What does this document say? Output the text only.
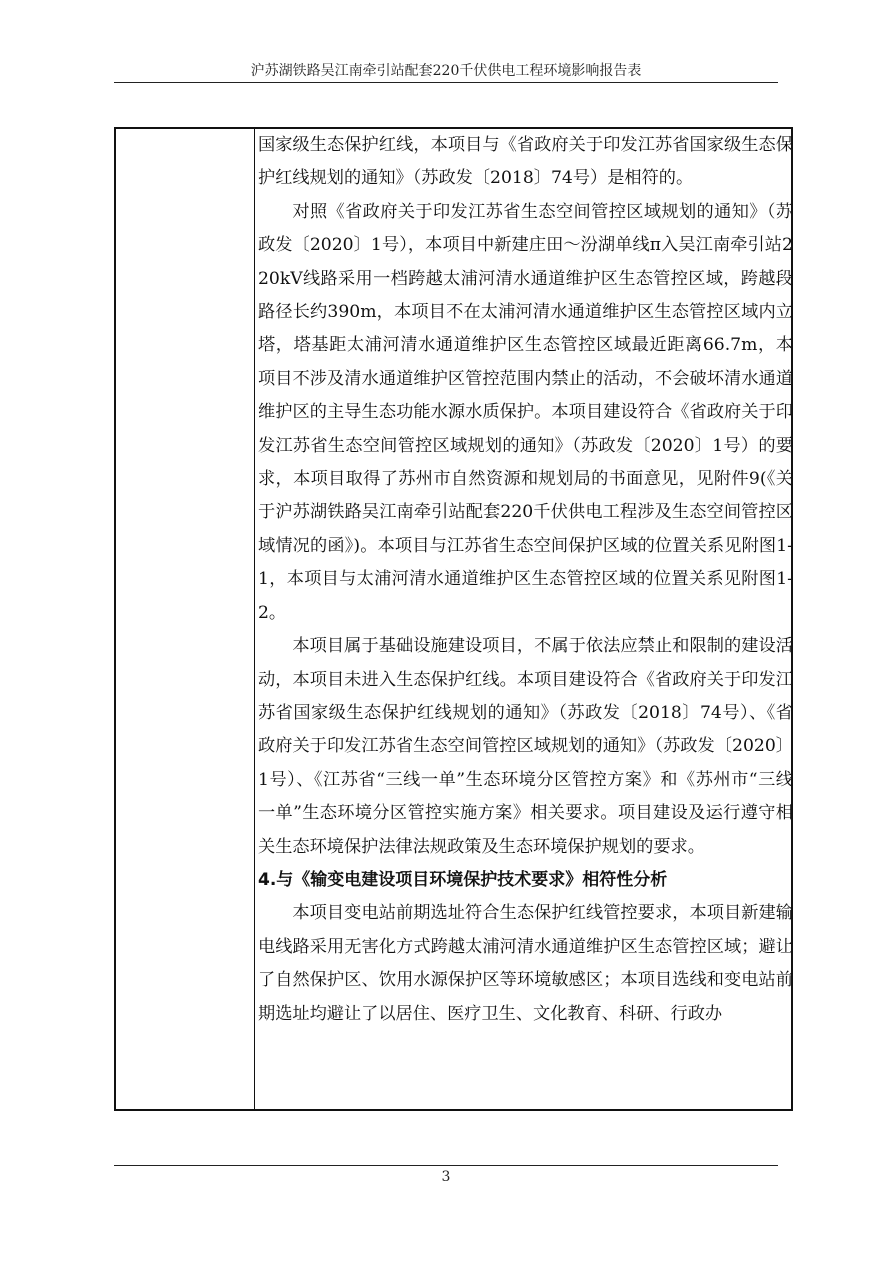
沪苏湖铁路吴江南牵引站配套220千伏供电工程环境影响报告表

国家级生态保护红线，本项目与《省政府关于印发江苏省国家级生态保护红线规划的通知》（苏政发〔2018〕74号）是相符的。

对照《省政府关于印发江苏省生态空间管控区域规划的通知》（苏政发〔2020〕1号），本项目中新建庄田～汾湖单线π入吴江南牵引站220kV线路采用一档跨越太浦河清水通道维护区生态管控区域，跨越段路径长约390m，本项目不在太浦河清水通道维护区生态管控区域内立塔，塔基距太浦河清水通道维护区生态管控区域最近距离66.7m，本项目不涉及清水通道维护区管控范围内禁止的活动，不会破坏清水通道维护区的主导生态功能水源水质保护。本项目建设符合《省政府关于印发江苏省生态空间管控区域规划的通知》（苏政发〔2020〕1号）的要求，本项目取得了苏州市自然资源和规划局的书面意见，见附件9(《关于沪苏湖铁路吴江南牵引站配套220千伏供电工程涉及生态空间管控区域情况的函》)。本项目与江苏省生态空间保护区域的位置关系见附图1-1，本项目与太浦河清水通道维护区生态管控区域的位置关系见附图1-2。

本项目属于基础设施建设项目，不属于依法应禁止和限制的建设活动，本项目未进入生态保护红线。本项目建设符合《省政府关于印发江苏省国家级生态保护红线规划的通知》（苏政发〔2018〕74号）、《省政府关于印发江苏省生态空间管控区域规划的通知》（苏政发〔2020〕1号）、《江苏省“三线一单”生态环境分区管控方案》和《苏州市“三线一单”生态环境分区管控实施方案》相关要求。项目建设及运行遵守相关生态环境保护法律法规政策及生态环境保护规划的要求。

4.与《输变电建设项目环境保护技术要求》相符性分析

本项目变电站前期选址符合生态保护红线管控要求，本项目新建输电线路采用无害化方式跨越太浦河清水通道维护区生态管控区域；避让了自然保护区、饮用水源保护区等环境敏感区；本项目选线和变电站前期选址均避让了以居住、医疗卫生、文化教育、科研、行政办

3
